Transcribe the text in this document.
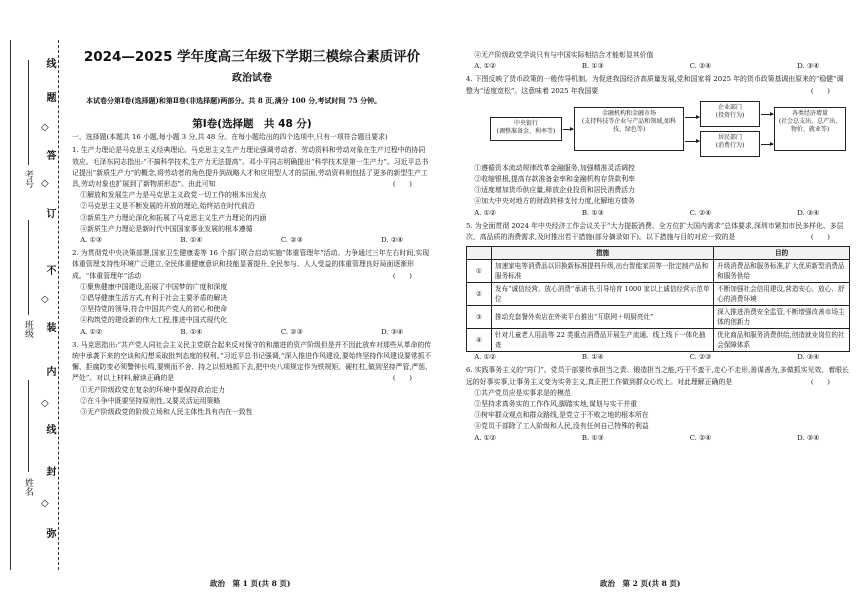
线
题
◇
答
◇
订
不
◇
装
内
◇
线
封
◇
弥
考号
班级
姓名
2024—2025 学年度高三年级下学期三模综合素质评价
政治试卷
本试卷分第Ⅰ卷(选择题)和第Ⅱ卷(非选择题)两部分。共 8 页,满分 100 分,考试时间 75 分钟。
第Ⅰ卷(选择题　共 48 分)
一、选择题(本题共 16 小题,每小题 3 分,共 48 分。在每小题给出的四个选项中,只有一项符合题目要求)
1. 生产力理论是马克思主义经典理论。马克思主义生产力理论强调劳动者、劳动资料和劳动对象在生产过程中的协同效应。毛泽东同志指出:“不搞科学技术,生产力无法提高”。邓小平同志明确提出“科学技术是第一生产力”。习近平总书记提出“新质生产力”的概念,将劳动者的角色提升到战略人才和应用型人才的层面,劳动资料则包括了更多的新型生产工具,劳动对象也扩展到了新物质形态”。由此可知	(　　)
①解放和发展生产力是马克思主义政党一切工作的根本出发点
②马克思主义是不断发展的开放的理论,始终站在时代前沿
③新质生产力理论深化和拓展了马克思主义生产力理论的内涵
④新质生产力理论是新时代中国国家事业发展的根本遵循
A. ①③	B. ①④	C. ②③	D. ②④
2. 为贯彻党中央决策部署,国家卫生健康委等 16 个部门联合启动实施“体重管理年”活动。力争通过三年左右时间,实现体重管理支持性环境广泛建立,全民体重健康意识和技能显著提升,全民参与、人人受益的体重管理良好局面逐渐形成。“体重管理年”活动	(　　)
①聚焦健康中国建设,拓展了中国梦的广度和深度
②倡导健康生活方式,有利于社会主要矛盾的解决
③坚持党的领导,符合中国共产党人的初心和使命
④构筑党的建设新的伟大工程,推进中国式现代化
A. ①②	B. ①④	C. ②③	D. ③④
3. 马克思指出:“共产党人同社会主义民主党联合起来反对保守的和激进的资产阶级但是并不因此放弃对那些从革命的传统中承袭下来的空谈和幻想采取批判态度的权利。”习近平总书记强调,“深入推进作风建设,要始终坚持作风建设要常抓不懈、拒腐防变必须警钟长鸣,要锲而不舍、持之以恒地抓下去,把中央八项规定作为铁规矩、硬杠杠,做到坚持严管,严惩,严处”。对以上材料,解读正确的是	(　　)
①无产阶级政党在复杂的环境中要保持政治定力
②在斗争中既要坚持原则性,又要灵活运用策略
③无产阶级政党的阶级立场和人民主体性具有内在一致性
政治　第 1 页(共 8 页)
④无产阶级政党学说只有与中国实际相结合才能彰显其价值
A. ①②	B. ①③	C. ②④	D. ③④
4. 下图反映了货币政策的一般传导机制。为促进我国经济高质量发展,党和国家将 2025 年的货币政策基调由原来的“稳健”调整为“适度宽松”。这意味着 2025 年我国要	(　　)
中央银行
(调整准备金、利率等)
金融机构和金融市场
(支持科技等企业与产品和领域,如科技、绿色等)
企业部门
(投资行为)
居民部门
(消费行为)
各类经济增量
(社会总支出、总产出、物价、就业等)
①遵循资本流动规律改革金融服务,加强精准灵活调控
②收缩银根,提高存款准备金率和金融机构存贷款利率
③适度增加货币供应量,释放企业投资和居民消费活力
④加大中央对地方的财政转移支付力度,化解地方债务
A. ①②	B. ①③	C. ②④	D. ③④
5. 为全面贯彻 2024 年中央经济工作会议关于“大力提振消费、全方位扩大国内需求”总体要求,深圳市紧扣市民多样化、多层次、高品质的消费需求,及时推出若干措施(部分摘录如下)。以下措施与目的对应一致的是	(　　)
	措施	目的
①	加速家电等消费品以旧换新标准提档升级,出台智能家居等一批定制产品和服务标准	升级消费品和服务标准,扩大优质新型消费品和服务供给
②	发布“诚信经营、放心消费”承诺书,引导培育 1000 家以上诚信经营示范单位	不断加强社会信用建设,营造安心、放心、舒心的消费环境
③	推动充套餐外卖店在外卖平台推出“互联网＋明厨亮灶”	深入推进消费安全监管,不断增强改善市场主体的创新力
④	针对儿童老人用品等 22 类重点消费品开展生产流通、线上线下一体化抽查	优化商品和服务消费供给,创造就业岗位的社会保障体系
A. ①②	B. ①④	C. ②③	D. ③④
6. 实践事务主义的“窍门”。党员干部要传承担当之责、锻造担当之能,巧干不蛮干,走心不走形,善谋善为,多做抓实见效、着眼长远的好事实事,让事务主义变为实务主义,真正把工作做到群众心坎上。对此理解正确的是	(　　)
①共产党员应是实事求是的模范
②坚持求真务实的工作作风,脚踏实地,谋划与实干并重
③树牢群众观点和群众路线,是党立于不败之地的根本所在
④党员干部除了工人阶级和人民,没有任何自己特殊的利益
A. ①②	B. ①③	C. ②④	D. ③④
政治　第 2 页(共 8 页)
